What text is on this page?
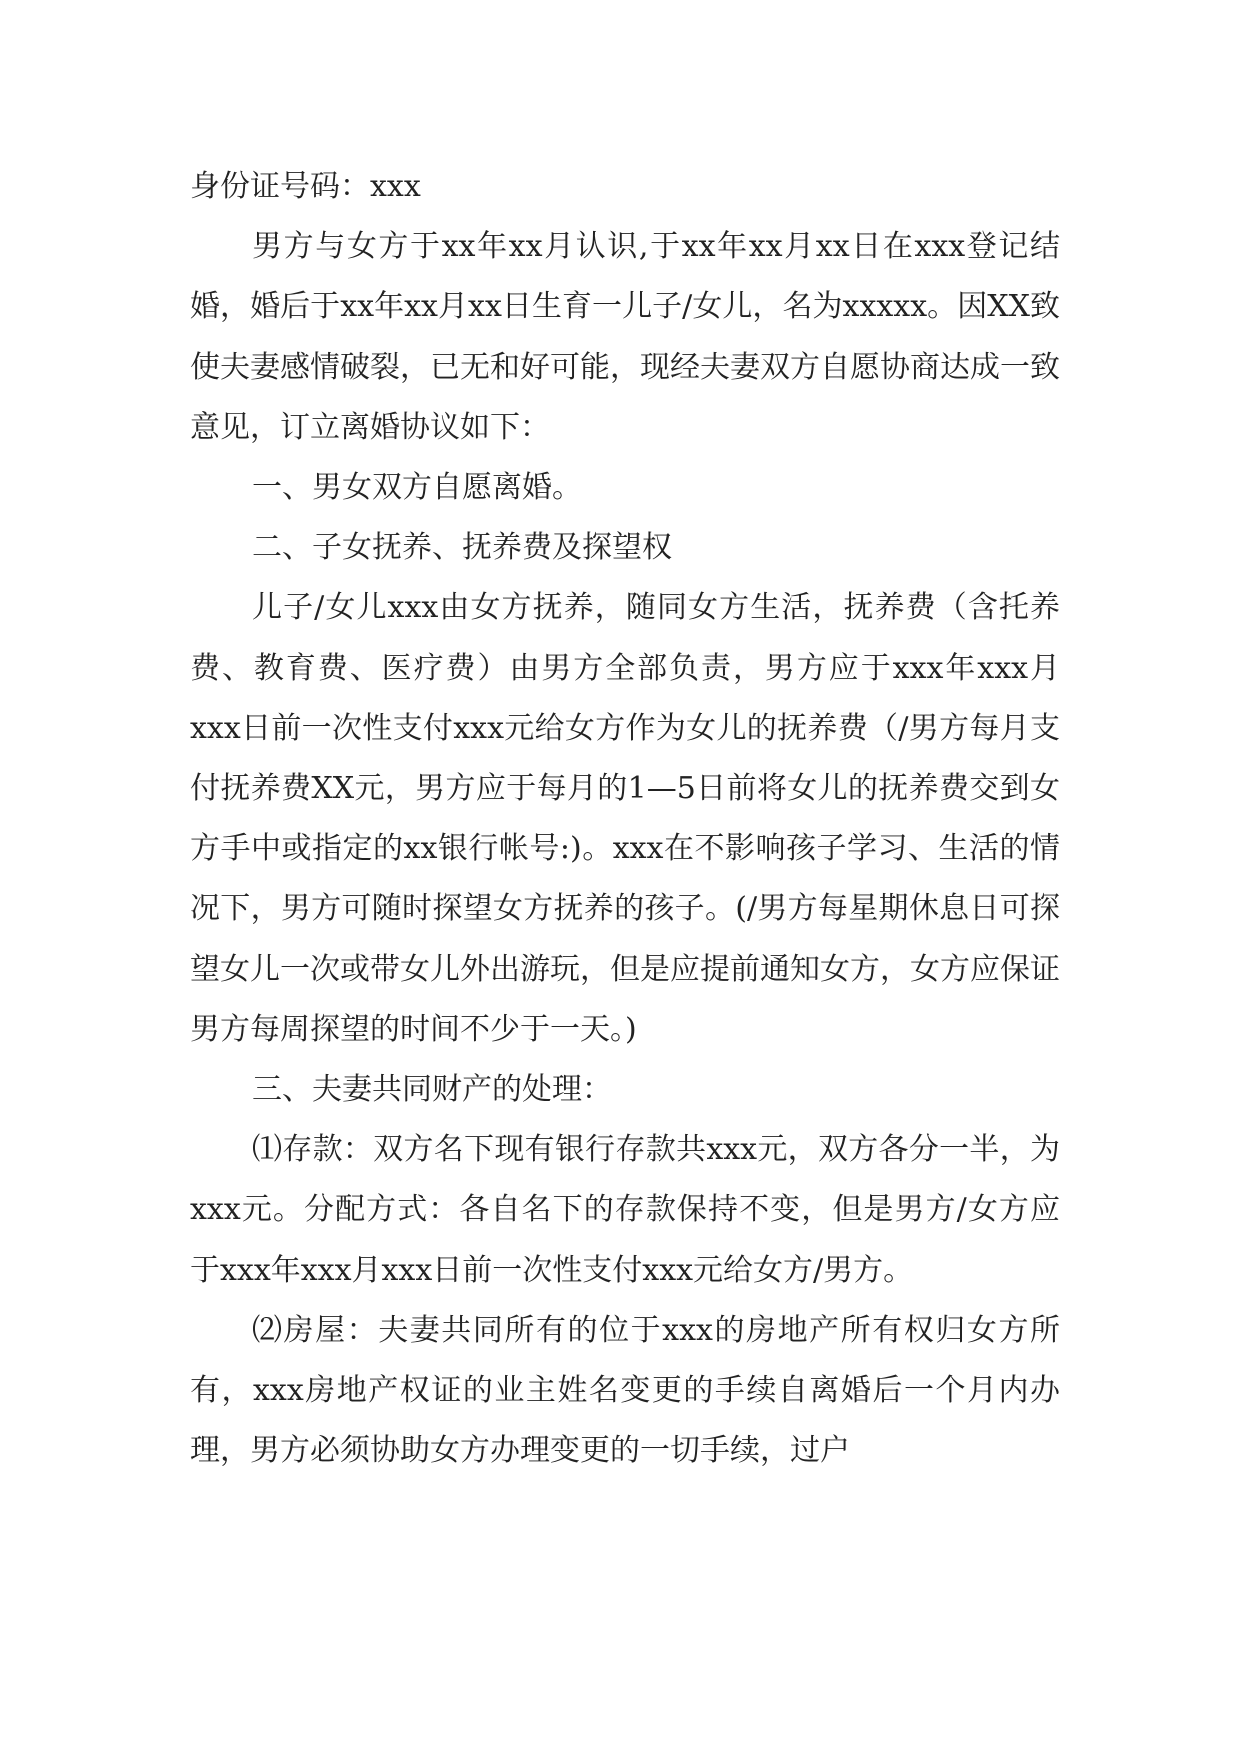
身份证号码：xxx

男方与女方于xx年xx月认识,于xx年xx月xx日在xxx登记结婚，婚后于xx年xx月xx日生育一儿子/女儿，名为xxxxx。因XX致使夫妻感情破裂，已无和好可能，现经夫妻双方自愿协商达成一致意见，订立离婚协议如下：

一、男女双方自愿离婚。

二、子女抚养、抚养费及探望权

儿子/女儿xxx由女方抚养，随同女方生活，抚养费（含托养费、教育费、医疗费）由男方全部负责，男方应于xxx年xxx月xxx日前一次性支付xxx元给女方作为女儿的抚养费（/男方每月支付抚养费XX元，男方应于每月的1—5日前将女儿的抚养费交到女方手中或指定的xx银行帐号:)。xxx在不影响孩子学习、生活的情况下，男方可随时探望女方抚养的孩子。(/男方每星期休息日可探望女儿一次或带女儿外出游玩，但是应提前通知女方，女方应保证男方每周探望的时间不少于一天。)

三、夫妻共同财产的处理：

⑴存款：双方名下现有银行存款共xxx元，双方各分一半，为xxx元。分配方式：各自名下的存款保持不变，但是男方/女方应于xxx年xxx月xxx日前一次性支付xxx元给女方/男方。

⑵房屋：夫妻共同所有的位于xxx的房地产所有权归女方所有，xxx房地产权证的业主姓名变更的手续自离婚后一个月内办理，男方必须协助女方办理变更的一切手续，过户
